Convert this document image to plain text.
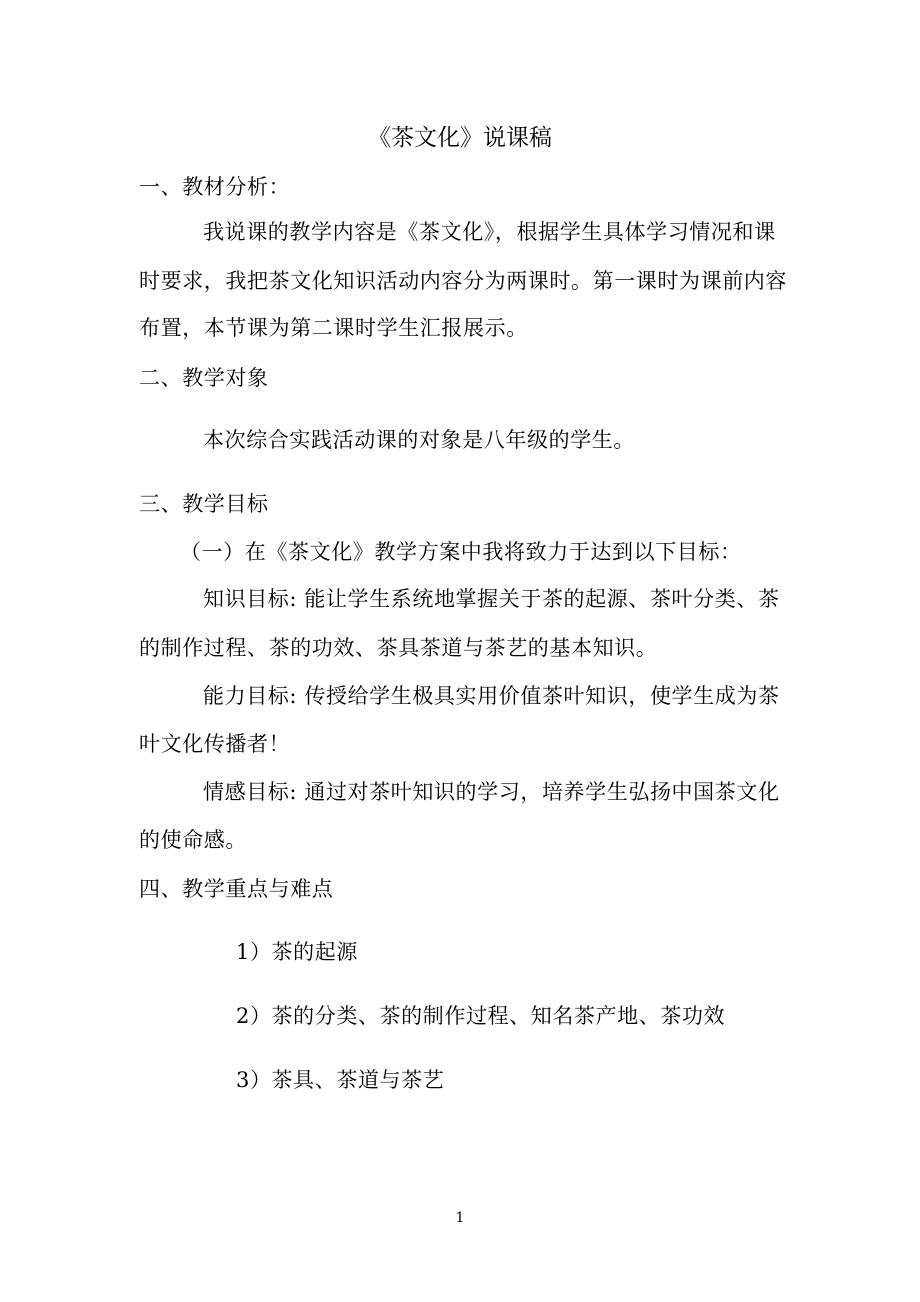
《茶文化》说课稿
一、教材分析：
我说课的教学内容是《茶文化》，根据学生具体学习情况和课
时要求，我把茶文化知识活动内容分为两课时。第一课时为课前内容
布置，本节课为第二课时学生汇报展示。
二、教学对象
本次综合实践活动课的对象是八年级的学生。
三、教学目标
（一）在《茶文化》教学方案中我将致力于达到以下目标：
知识目标: 能让学生系统地掌握关于茶的起源、茶叶分类、茶
的制作过程、茶的功效、茶具茶道与茶艺的基本知识。
能力目标: 传授给学生极具实用价值茶叶知识，使学生成为茶
叶文化传播者！
情感目标: 通过对茶叶知识的学习，培养学生弘扬中国茶文化
的使命感。
四、教学重点与难点
1）茶的起源
2）茶的分类、茶的制作过程、知名茶产地、茶功效
3）茶具、茶道与茶艺
1
